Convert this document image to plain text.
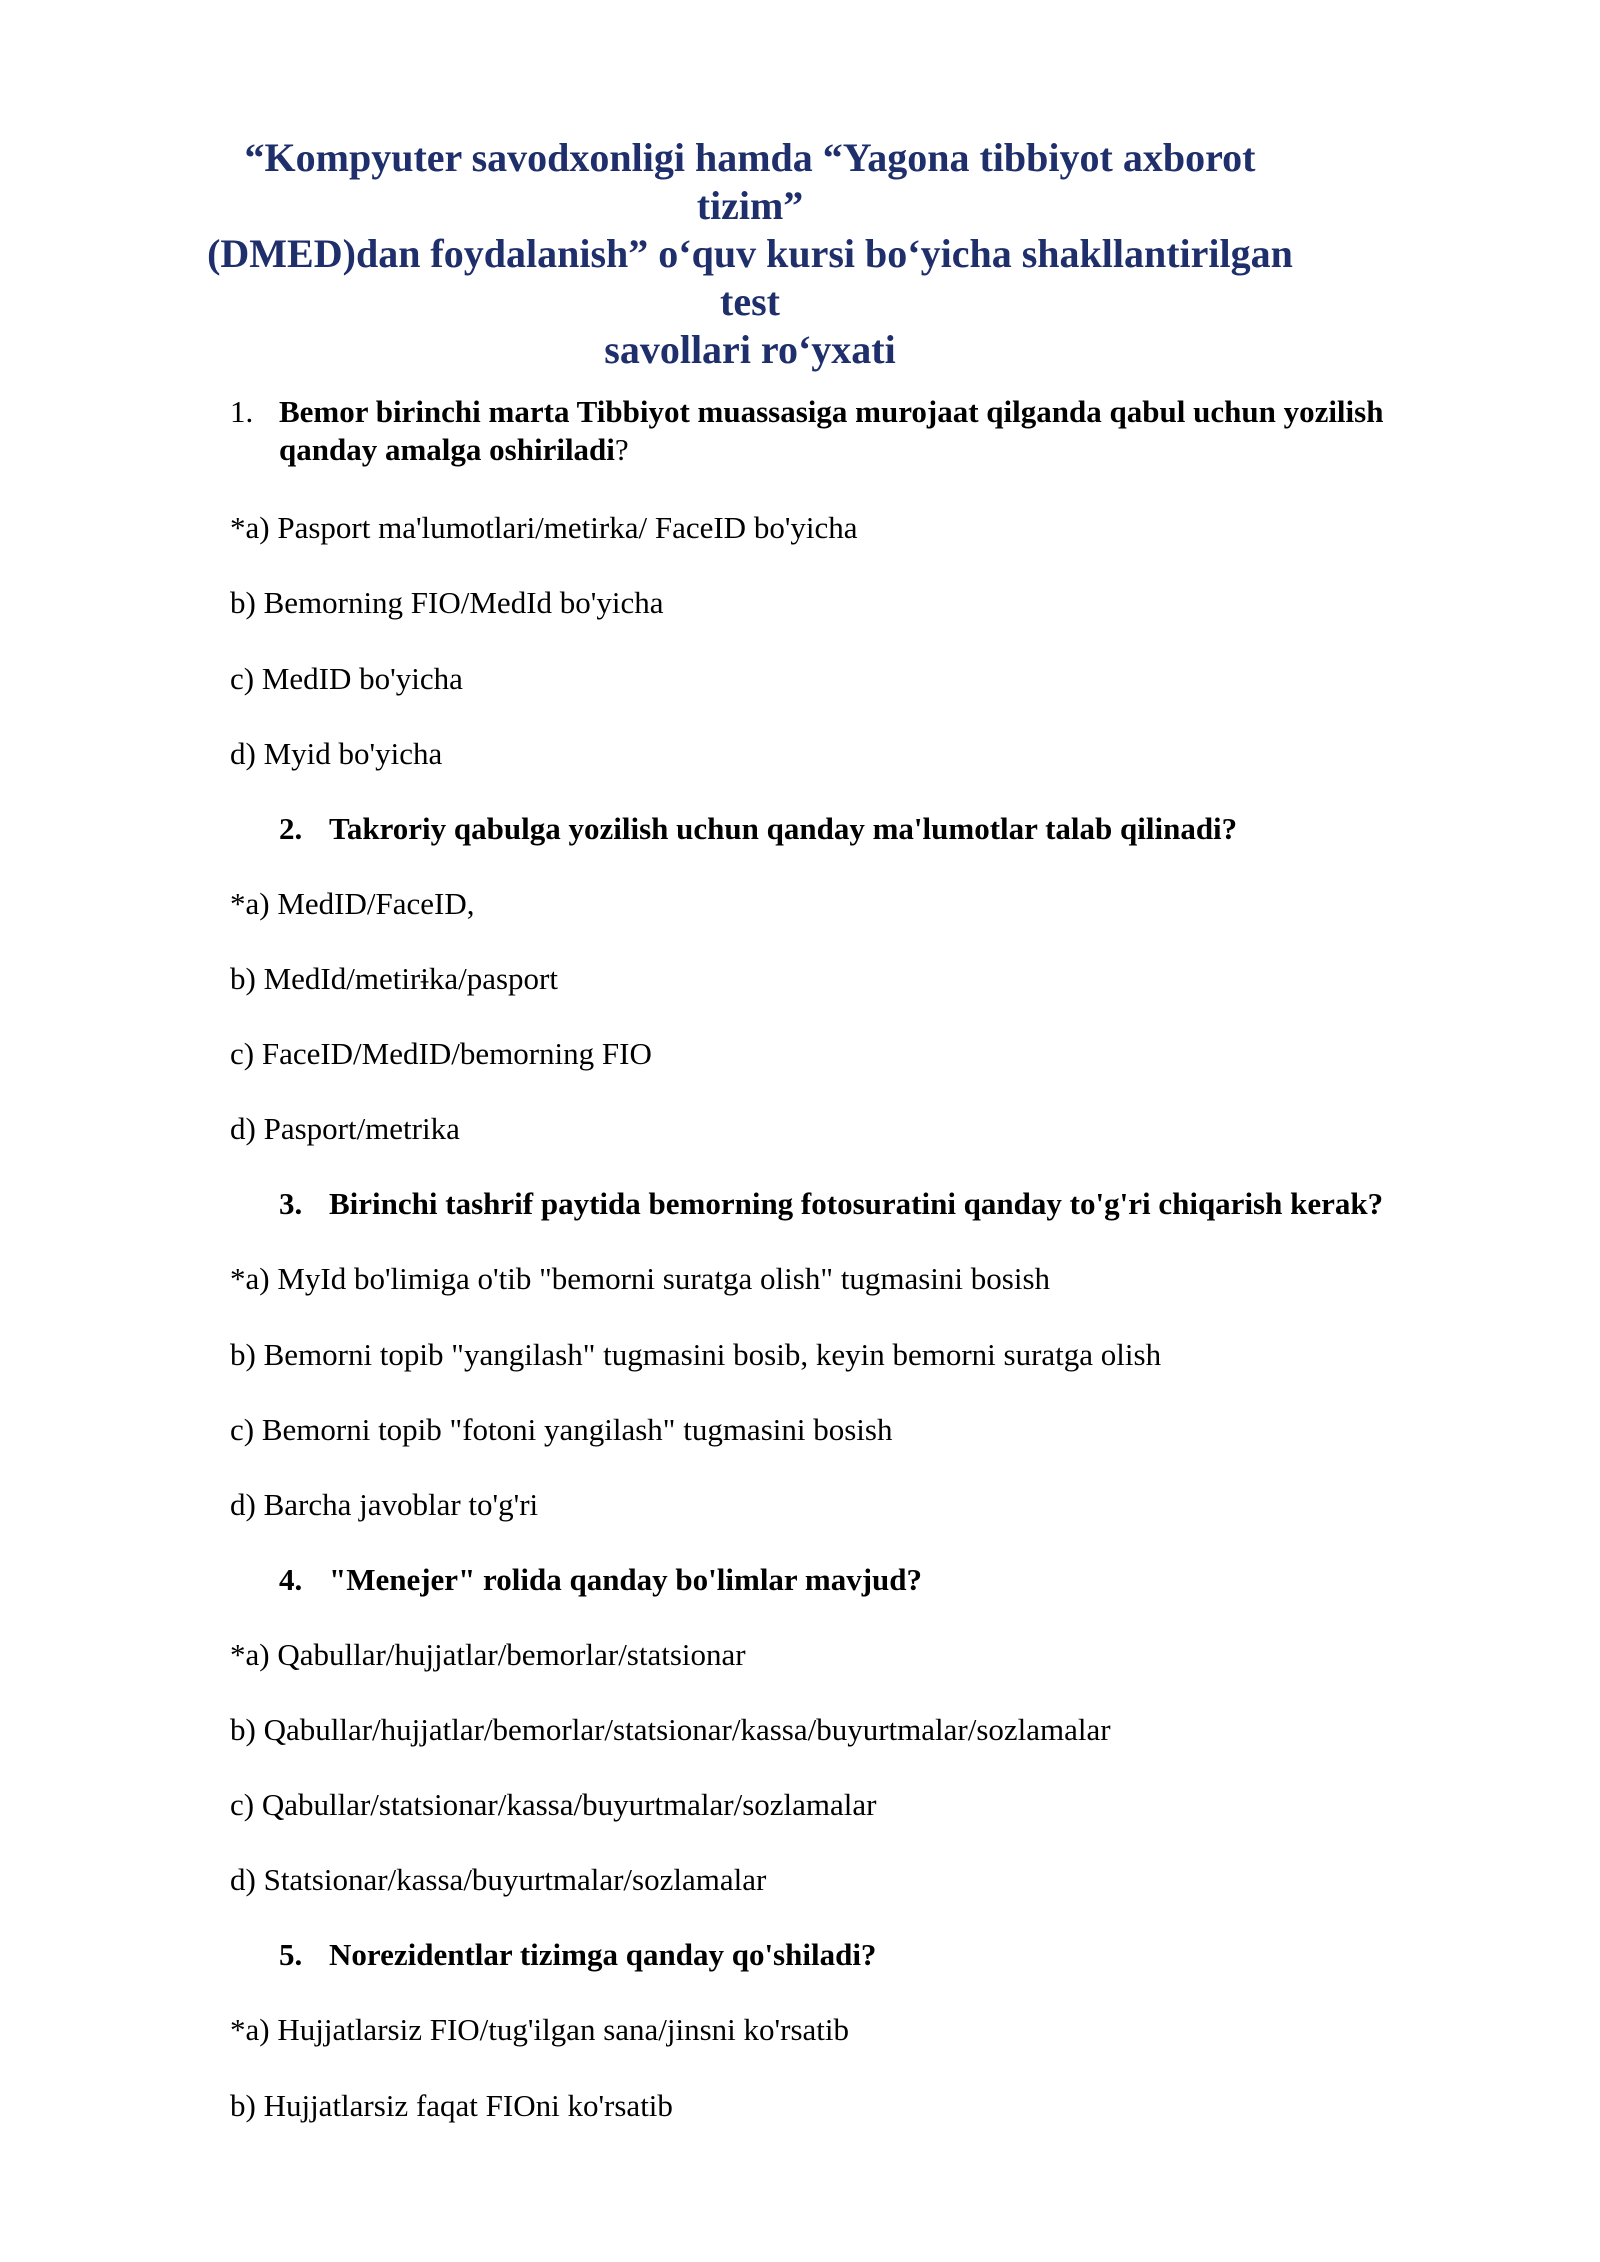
“Kompyuter savodxonligi hamda “Yagona tibbiyot axborot tizim”
(DMED)dan foydalanish” o‘quv kursi bo‘yicha shakllantirilgan test
savollari ro‘yxati
1. Bemor birinchi marta Tibbiyot muassasiga murojaat qilganda qabul uchun yozilish qanday amalga oshiriladi?
*a) Pasport ma'lumotlari/metirka/ FaceID bo'yicha
b) Bemorning FIO/MedId bo'yicha
c) MedID bo'yicha
d) Myid bo'yicha
2. Takroriy qabulga yozilish uchun qanday ma'lumotlar talab qilinadi?
*a) MedID/FaceID,
b) MedId/metirɨka/pasport
c) FaceID/MedID/bemorning FIO
d) Pasport/metrika
3. Birinchi tashrif paytida bemorning fotosuratini qanday to'g'ri chiqarish kerak?
*a) MyId bo'limiga o'tib "bemorni suratga olish" tugmasini bosish
b) Bemorni topib "yangilash" tugmasini bosib, keyin bemorni suratga olish
c) Bemorni topib "fotoni yangilash" tugmasini bosish
d) Barcha javoblar to'g'ri
4. "Menejer" rolida qanday bo'limlar mavjud?
*a) Qabullar/hujjatlar/bemorlar/statsionar
b) Qabullar/hujjatlar/bemorlar/statsionar/kassa/buyurtmalar/sozlamalar
c) Qabullar/statsionar/kassa/buyurtmalar/sozlamalar
d) Statsionar/kassa/buyurtmalar/sozlamalar
5. Norezidentlar tizimga qanday qo'shiladi?
*a) Hujjatlarsiz FIO/tug'ilgan sana/jinsni ko'rsatib
b) Hujjatlarsiz faqat FIOni ko'rsatib
